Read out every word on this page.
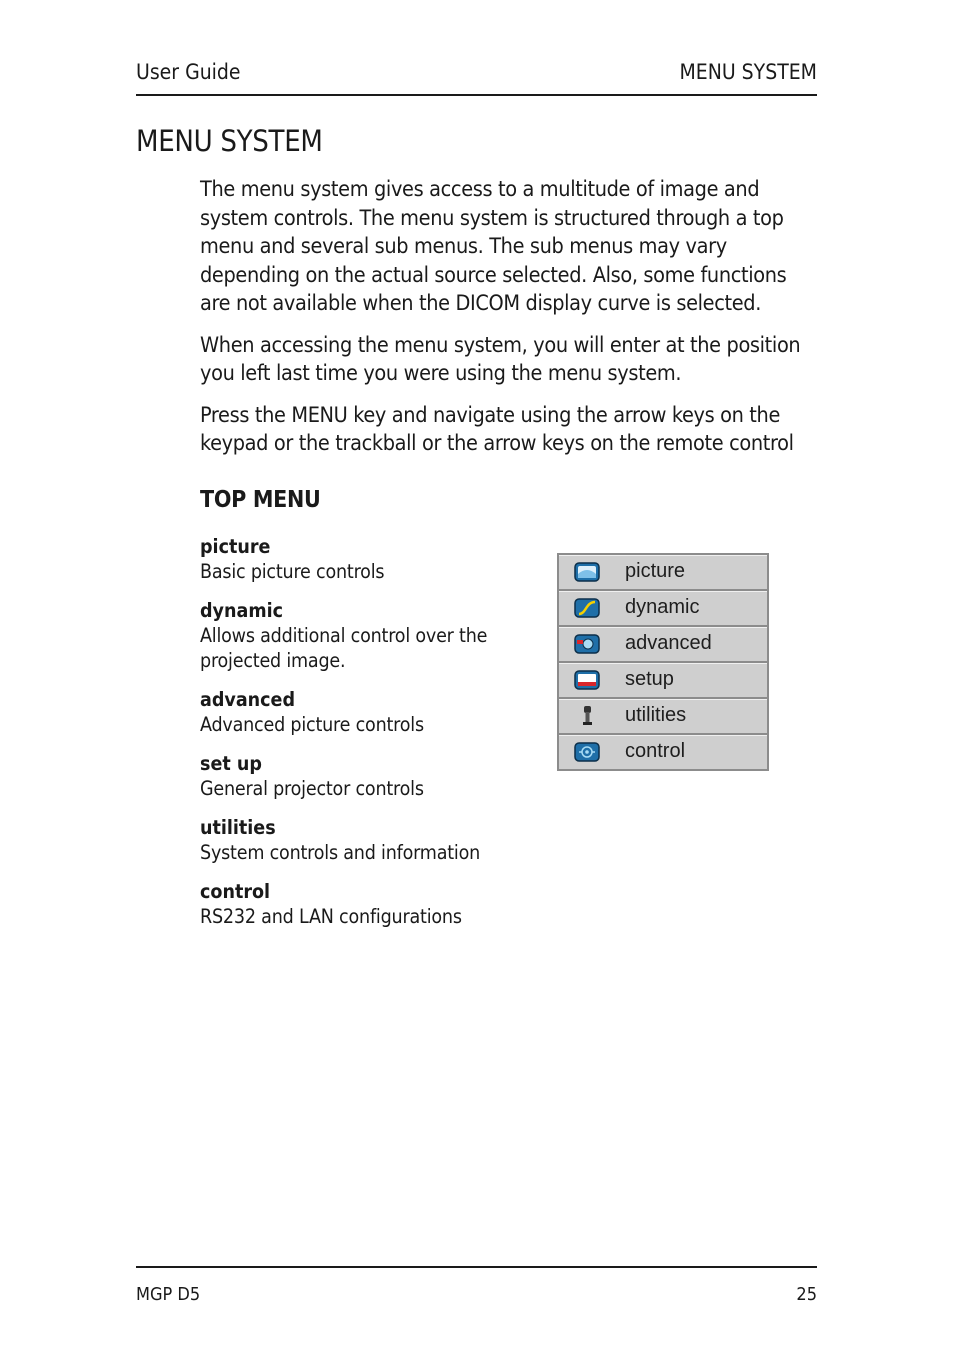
User Guide	MENU SYSTEM
MENU SYSTEM

The menu system gives access to a multitude of image and system controls. The menu system is structured through a top menu and several sub menus. The sub menus may vary depending on the actual source selected. Also, some functions are not available when the DICOM display curve is selected.

When accessing the menu system, you will enter at the position you left last time you were using the menu system.

Press the MENU key and navigate using the arrow keys on the keypad or the trackball or the arrow keys on the remote control

TOP MENU
picture
Basic picture controls
dynamic
Allows additional control over the projected image.
advanced
Advanced picture controls
set up
General projector controls
utilities
System controls and information
control
RS232 and LAN configurations
picture
dynamic
advanced
setup
utilities
control
MGP D5	25
